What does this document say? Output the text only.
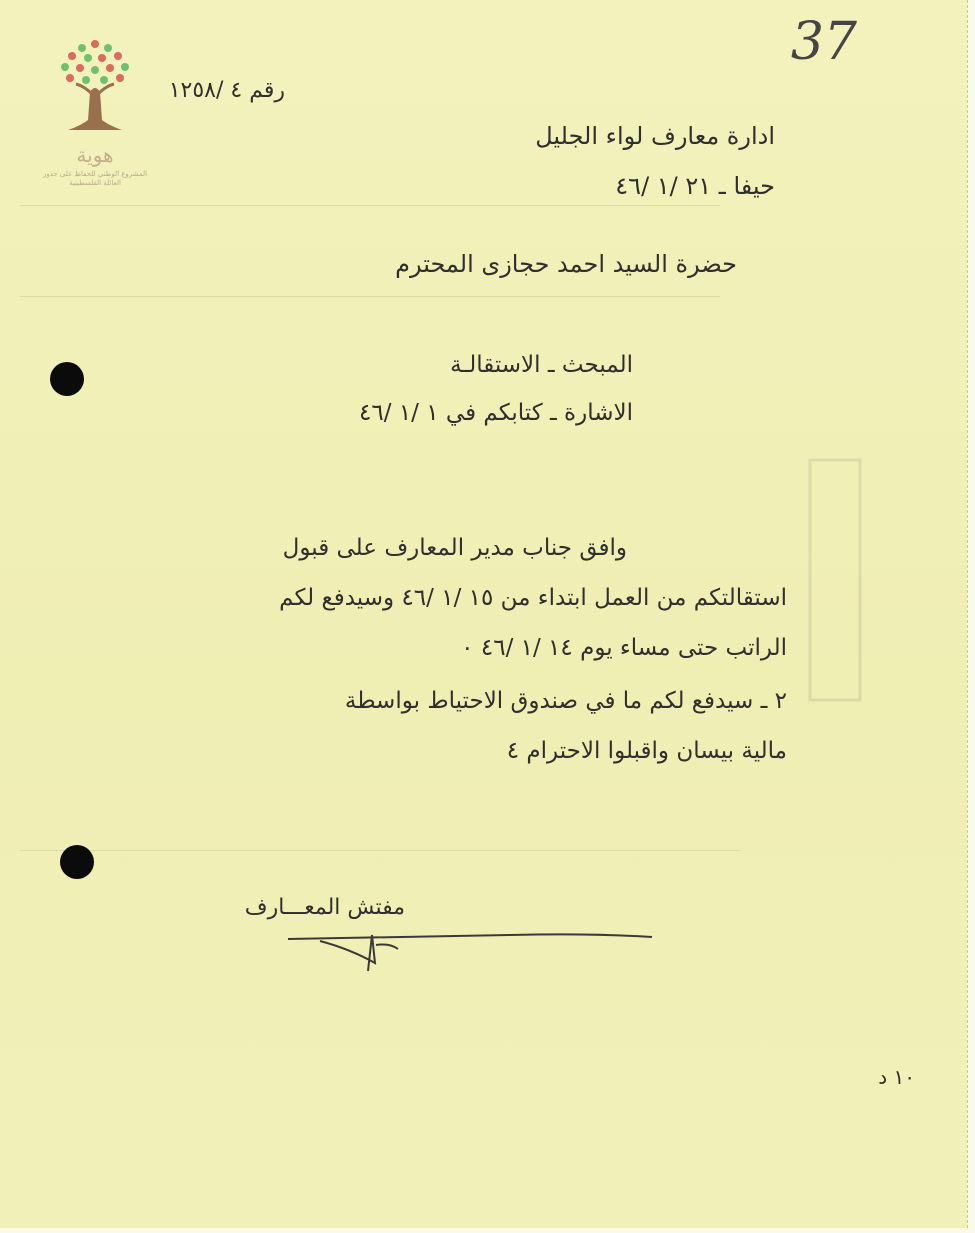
هوية
المشروع الوطني للحفاظ على جذور العائلة الفلسطينية
37
رقم ٤ /١٢٥٨
ادارة معارف لواء الجليل
حيفا ـ ٢١ /١ /٤٦
حضرة السيد احمد حجازى المحترم
المبحث ـ الاستقالـة
الاشارة ـ كتابكم في ١ /١ /٤٦
وافق جناب مدير المعارف على قبول
استقالتكم من العمل ابتداء من ١٥ /١ /٤٦ وسيدفع لكم
الراتب حتى مساء يوم ١٤ /١ /٤٦ ٠
٢ ـ سيدفع لكم ما في صندوق الاحتياط بواسطة
مالية بيسان واقبلوا الاحترام ٤
مفتش المعـــارف
١٠ د
